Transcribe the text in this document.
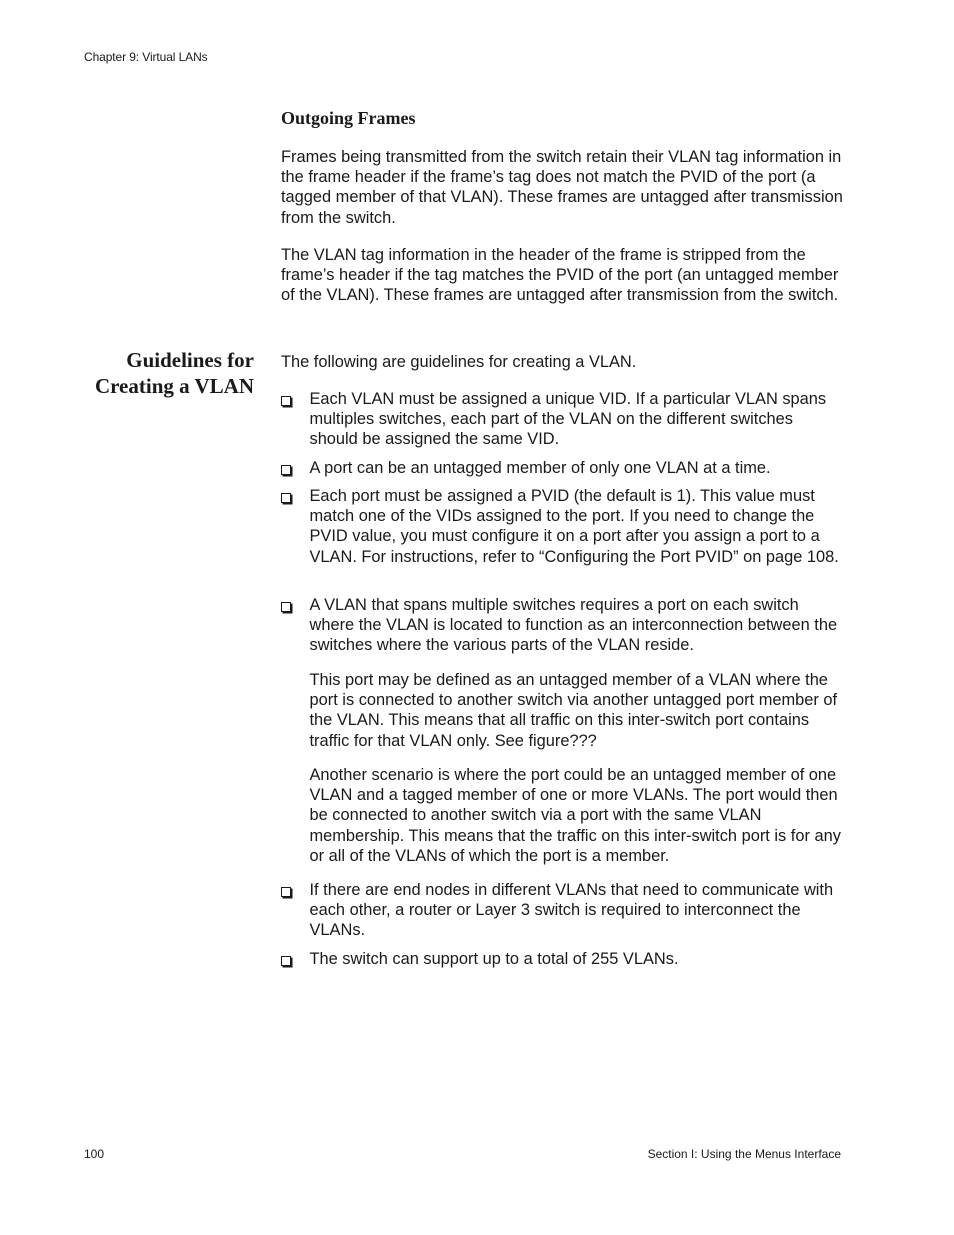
Chapter 9: Virtual LANs
Outgoing Frames

Frames being transmitted from the switch retain their VLAN tag information in the frame header if the frame’s tag does not match the PVID of the port (a tagged member of that VLAN). These frames are untagged after transmission from the switch.

The VLAN tag information in the header of the frame is stripped from the frame’s header if the tag matches the PVID of the port (an untagged member of the VLAN). These frames are untagged after transmission from the switch.

Guidelines for
Creating a VLAN

The following are guidelines for creating a VLAN.

Each VLAN must be assigned a unique VID. If a particular VLAN spans multiples switches, each part of the VLAN on the different switches should be assigned the same VID.

A port can be an untagged member of only one VLAN at a time.

Each port must be assigned a PVID (the default is 1). This value must match one of the VIDs assigned to the port. If you need to change the PVID value, you must configure it on a port after you assign a port to a VLAN. For instructions, refer to “Configuring the Port PVID” on page 108.

A VLAN that spans multiple switches requires a port on each switch where the VLAN is located to function as an interconnection between the switches where the various parts of the VLAN reside.

This port may be defined as an untagged member of a VLAN where the port is connected to another switch via another untagged port member of the VLAN. This means that all traffic on this inter-switch port contains traffic for that VLAN only. See figure???

Another scenario is where the port could be an untagged member of one VLAN and a tagged member of one or more VLANs. The port would then be connected to another switch via a port with the same VLAN membership. This means that the traffic on this inter-switch port is for any or all of the VLANs of which the port is a member.

If there are end nodes in different VLANs that need to communicate with each other, a router or Layer 3 switch is required to interconnect the VLANs.

The switch can support up to a total of 255 VLANs.

100	Section I: Using the Menus Interface
